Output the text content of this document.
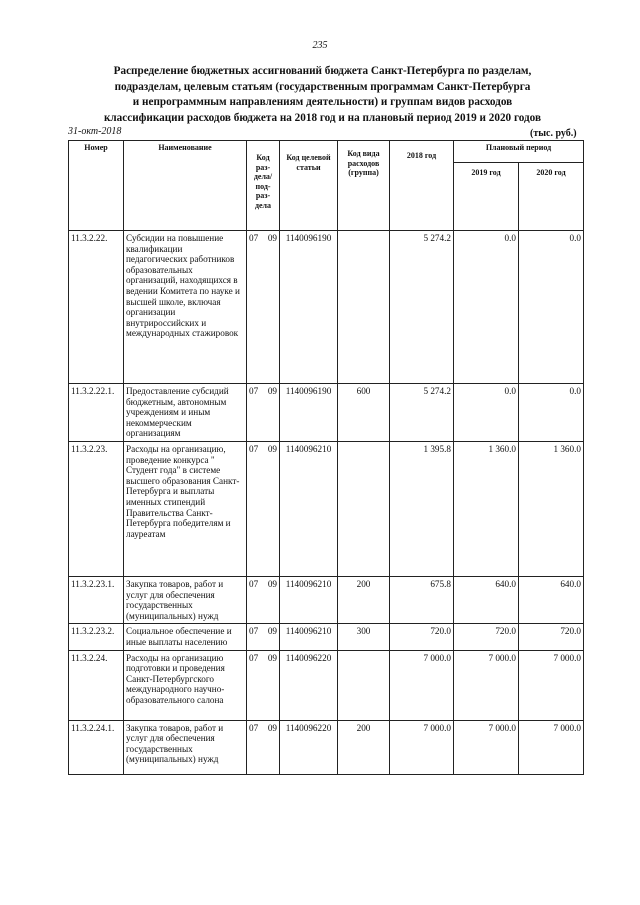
235
Распределение бюджетных ассигнований бюджета Санкт-Петербурга по разделам,
подразделам, целевым статьям (государственным программам Санкт-Петербурга
и непрограммным направлениям деятельности) и группам видов расходов
классификации расходов бюджета на 2018 год и на плановый период 2019 и 2020 годов
31-окт-2018	(тыс. руб.)
Номер	Наименование	Код раз-дела/ под-раз-дела	Код целевой статьи	Код вида расходов (группа)	2018 год	Плановый период	
						2019 год	2020 год
11.3.2.22.	Субсидии на повышение квалификации педагогических работников образовательных организаций, находящихся в ведении Комитета по науке и высшей школе, включая организации внутрироссийских и международных стажировок	07 09	1140096190		5 274.2	0.0	0.0
11.3.2.22.1.	Предоставление субсидий бюджетным, автономным учреждениям и иным некоммерческим организациям	07 09	1140096190	600	5 274.2	0.0	0.0
11.3.2.23.	Расходы на организацию, проведение конкурса " Студент года" в системе высшего образования Санкт-Петербурга и выплаты именных стипендий Правительства Санкт-Петербурга победителям и лауреатам	07 09	1140096210		1 395.8	1 360.0	1 360.0
11.3.2.23.1.	Закупка товаров, работ и услуг для обеспечения государственных (муниципальных) нужд	07 09	1140096210	200	675.8	640.0	640.0
11.3.2.23.2.	Социальное обеспечение и иные выплаты населению	07 09	1140096210	300	720.0	720.0	720.0
11.3.2.24.	Расходы на организацию подготовки и проведения Санкт-Петербургского международного научно-образовательного салона	07 09	1140096220		7 000.0	7 000.0	7 000.0
11.3.2.24.1.	Закупка товаров, работ и услуг для обеспечения государственных (муниципальных) нужд	07 09	1140096220	200	7 000.0	7 000.0	7 000.0
